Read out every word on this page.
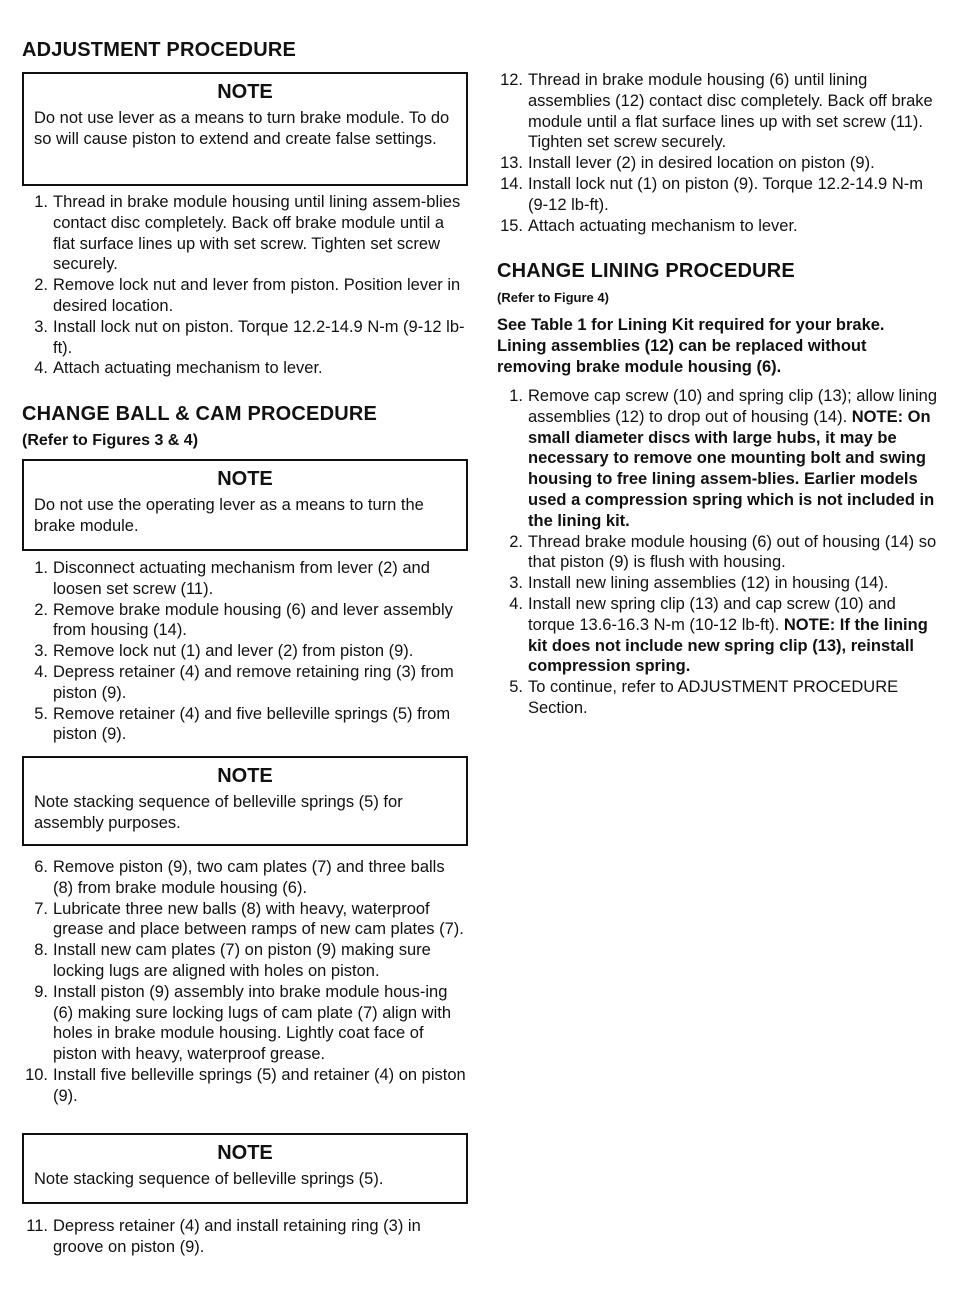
ADJUSTMENT PROCEDURE
NOTE
Do not use lever as a means to turn brake module. To do so will cause piston to extend and create false settings.
1. Thread in brake module housing until lining assem-blies contact disc completely. Back off brake module until a flat surface lines up with set screw. Tighten set screw securely.
2. Remove lock nut and lever from piston. Position lever in desired location.
3. Install lock nut on piston. Torque 12.2-14.9 N-m (9-12 lb-ft).
4. Attach actuating mechanism to lever.
CHANGE BALL & CAM PROCEDURE
(Refer to Figures 3 & 4)
NOTE
Do not use the operating lever as a means to turn the brake module.
1. Disconnect actuating mechanism from lever (2) and loosen set screw (11).
2. Remove brake module housing (6) and lever assembly from housing (14).
3. Remove lock nut (1) and lever (2) from piston (9).
4. Depress retainer (4) and remove retaining ring (3) from piston (9).
5. Remove retainer (4) and five belleville springs (5) from piston (9).
NOTE
Note stacking sequence of belleville springs (5) for assembly purposes.
6. Remove piston (9), two cam plates (7) and three balls (8) from brake module housing (6).
7. Lubricate three new balls (8) with heavy, waterproof grease and place between ramps of new cam plates (7).
8. Install new cam plates (7) on piston (9) making sure locking lugs are aligned with holes on piston.
9. Install piston (9) assembly into brake module hous-ing (6) making sure locking lugs of cam plate (7) align with holes in brake module housing. Lightly coat face of piston with heavy, waterproof grease.
10. Install five belleville springs (5) and retainer (4) on piston (9).
NOTE
Note stacking sequence of belleville springs (5).
11. Depress retainer (4) and install retaining ring (3) in groove on piston (9).
12. Thread in brake module housing (6) until lining assemblies (12) contact disc completely. Back off brake module until a flat surface lines up with set screw (11). Tighten set screw securely.
13. Install lever (2) in desired location on piston (9).
14. Install lock nut (1) on piston (9). Torque 12.2-14.9 N-m (9-12 lb-ft).
15. Attach actuating mechanism to lever.
CHANGE LINING PROCEDURE
(Refer to Figure 4)
See Table 1 for Lining Kit required for your brake. Lining assemblies (12) can be replaced without removing brake module housing (6).
1. Remove cap screw (10) and spring clip (13); allow lining assemblies (12) to drop out of housing (14). NOTE: On small diameter discs with large hubs, it may be necessary to remove one mounting bolt and swing housing to free lining assem-blies. Earlier models used a compression spring which is not included in the lining kit.
2. Thread brake module housing (6) out of housing (14) so that piston (9) is flush with housing.
3. Install new lining assemblies (12) in housing (14).
4. Install new spring clip (13) and cap screw (10) and torque 13.6-16.3 N-m (10-12 lb-ft). NOTE: If the lining kit does not include new spring clip (13), reinstall compression spring.
5. To continue, refer to ADJUSTMENT PROCEDURE Section.
